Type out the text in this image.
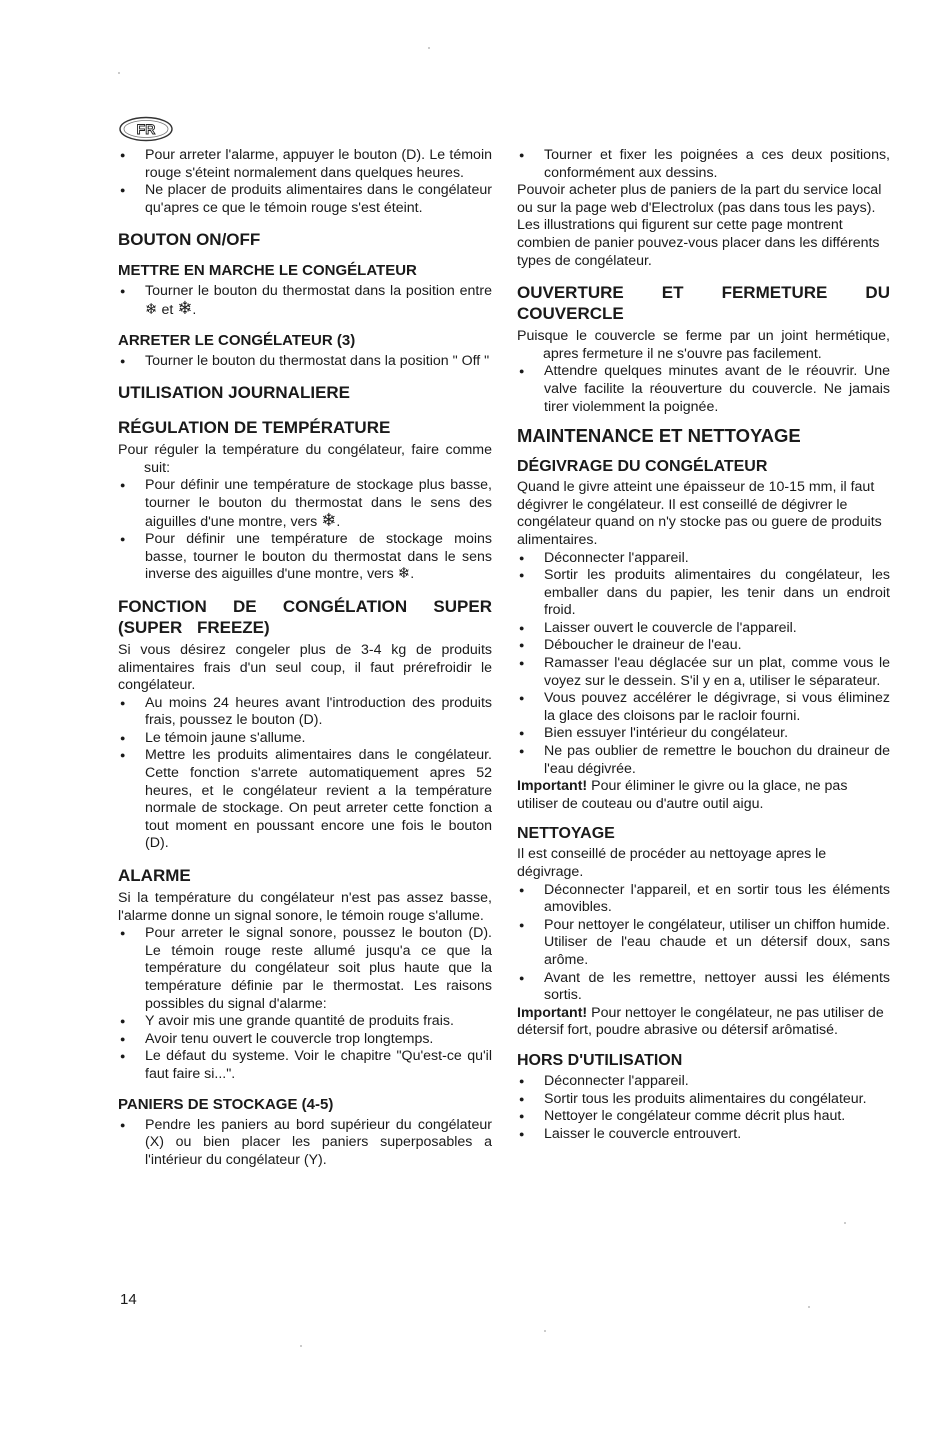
FR
● Pour arreter l'alarme, appuyer le bouton (D). Le témoin rouge s'éteint normalement dans quelques heures.
● Ne placer de produits alimentaires dans le congélateur qu'apres ce que le témoin rouge s'est éteint.
BOUTON ON/OFF
METTRE EN MARCHE LE CONGÉLATEUR
● Tourner le bouton du thermostat dans la position entre ❄ et ❄.
ARRETER LE CONGÉLATEUR (3)
● Tourner le bouton du thermostat dans la position " Off "
UTILISATION JOURNALIERE
RÉGULATION DE TEMPÉRATURE

Pour réguler la température du congélateur, faire comme suit:

● Pour définir une température de stockage plus basse, tourner le bouton du thermostat dans le sens des aiguilles d'une montre, vers ❄.
● Pour définir une température de stockage moins basse, tourner le bouton du thermostat dans le sens inverse des aiguilles d'une montre, vers ❄.
FONCTION DE CONGÉLATION SUPER (SUPER FREEZE)

Si vous désirez congeler plus de 3-4 kg de produits alimentaires frais d'un seul coup, il faut prérefroidir le congélateur.

● Au moins 24 heures avant l'introduction des produits frais, poussez le bouton (D).
● Le témoin jaune s'allume.
● Mettre les produits alimentaires dans le congélateur. Cette fonction s'arrete automatiquement apres 52 heures, et le congélateur revient a la température normale de stockage. On peut arreter cette fonction a tout moment en poussant encore une fois le bouton (D).
ALARME

Si la température du congélateur n'est pas assez basse, l'alarme donne un signal sonore, le témoin rouge s'allume.

● Pour arreter le signal sonore, poussez le bouton (D). Le témoin rouge reste allumé jusqu'a ce que la température du congélateur soit plus haute que la température définie par le thermostat. Les raisons possibles du signal d'alarme:
● Y avoir mis une grande quantité de produits frais.
● Avoir tenu ouvert le couvercle trop longtemps.
● Le défaut du systeme. Voir le chapitre "Qu'est-ce qu'il faut faire si...".
PANIERS DE STOCKAGE (4-5)
● Pendre les paniers au bord supérieur du congélateur (X) ou bien placer les paniers superposables a l'intérieur du congélateur (Y).
● Tourner et fixer les poignées a ces deux positions, conformément aux dessins.

Pouvoir acheter plus de paniers de la part du service local ou sur la page web d'Electrolux (pas dans tous les pays). Les illustrations qui figurent sur cette page montrent combien de panier pouvez-vous placer dans les différents types de congélateur.

OUVERTURE ET FERMETURE DU COUVERCLE

Puisque le couvercle se ferme par un joint hermétique, apres fermeture il ne s'ouvre pas facilement.

● Attendre quelques minutes avant de le réouvrir. Une valve facilite la réouverture du couvercle. Ne jamais tirer violemment la poignée.
MAINTENANCE ET NETTOYAGE
DÉGIVRAGE DU CONGÉLATEUR

Quand le givre atteint une épaisseur de 10-15 mm, il faut dégivrer le congélateur. Il est conseillé de dégivrer le congélateur quand on n'y stocke pas ou guere de produits alimentaires.

● Déconnecter l'appareil.
● Sortir les produits alimentaires du congélateur, les emballer dans du papier, les tenir dans un endroit froid.
● Laisser ouvert le couvercle de l'appareil.
● Déboucher le draineur de l'eau.
● Ramasser l'eau déglacée sur un plat, comme vous le voyez sur le dessein. S'il y en a, utiliser le séparateur.
● Vous pouvez accélérer le dégivrage, si vous éliminez la glace des cloisons par le racloir fourni.
● Bien essuyer l'intérieur du congélateur.
● Ne pas oublier de remettre le bouchon du draineur de l'eau dégivrée.

Important! Pour éliminer le givre ou la glace, ne pas utiliser de couteau ou d'autre outil aigu.

NETTOYAGE

Il est conseillé de procéder au nettoyage apres le dégivrage.

● Déconnecter l'appareil, et en sortir tous les éléments amovibles.
● Pour nettoyer le congélateur, utiliser un chiffon humide. Utiliser de l'eau chaude et un détersif doux, sans arôme.
● Avant de les remettre, nettoyer aussi les éléments sortis.

Important! Pour nettoyer le congélateur, ne pas utiliser de détersif fort, poudre abrasive ou détersif arômatisé.

HORS D'UTILISATION
● Déconnecter l'appareil.
● Sortir tous les produits alimentaires du congélateur.
● Nettoyer le congélateur comme décrit plus haut.
● Laisser le couvercle entrouvert.
14
